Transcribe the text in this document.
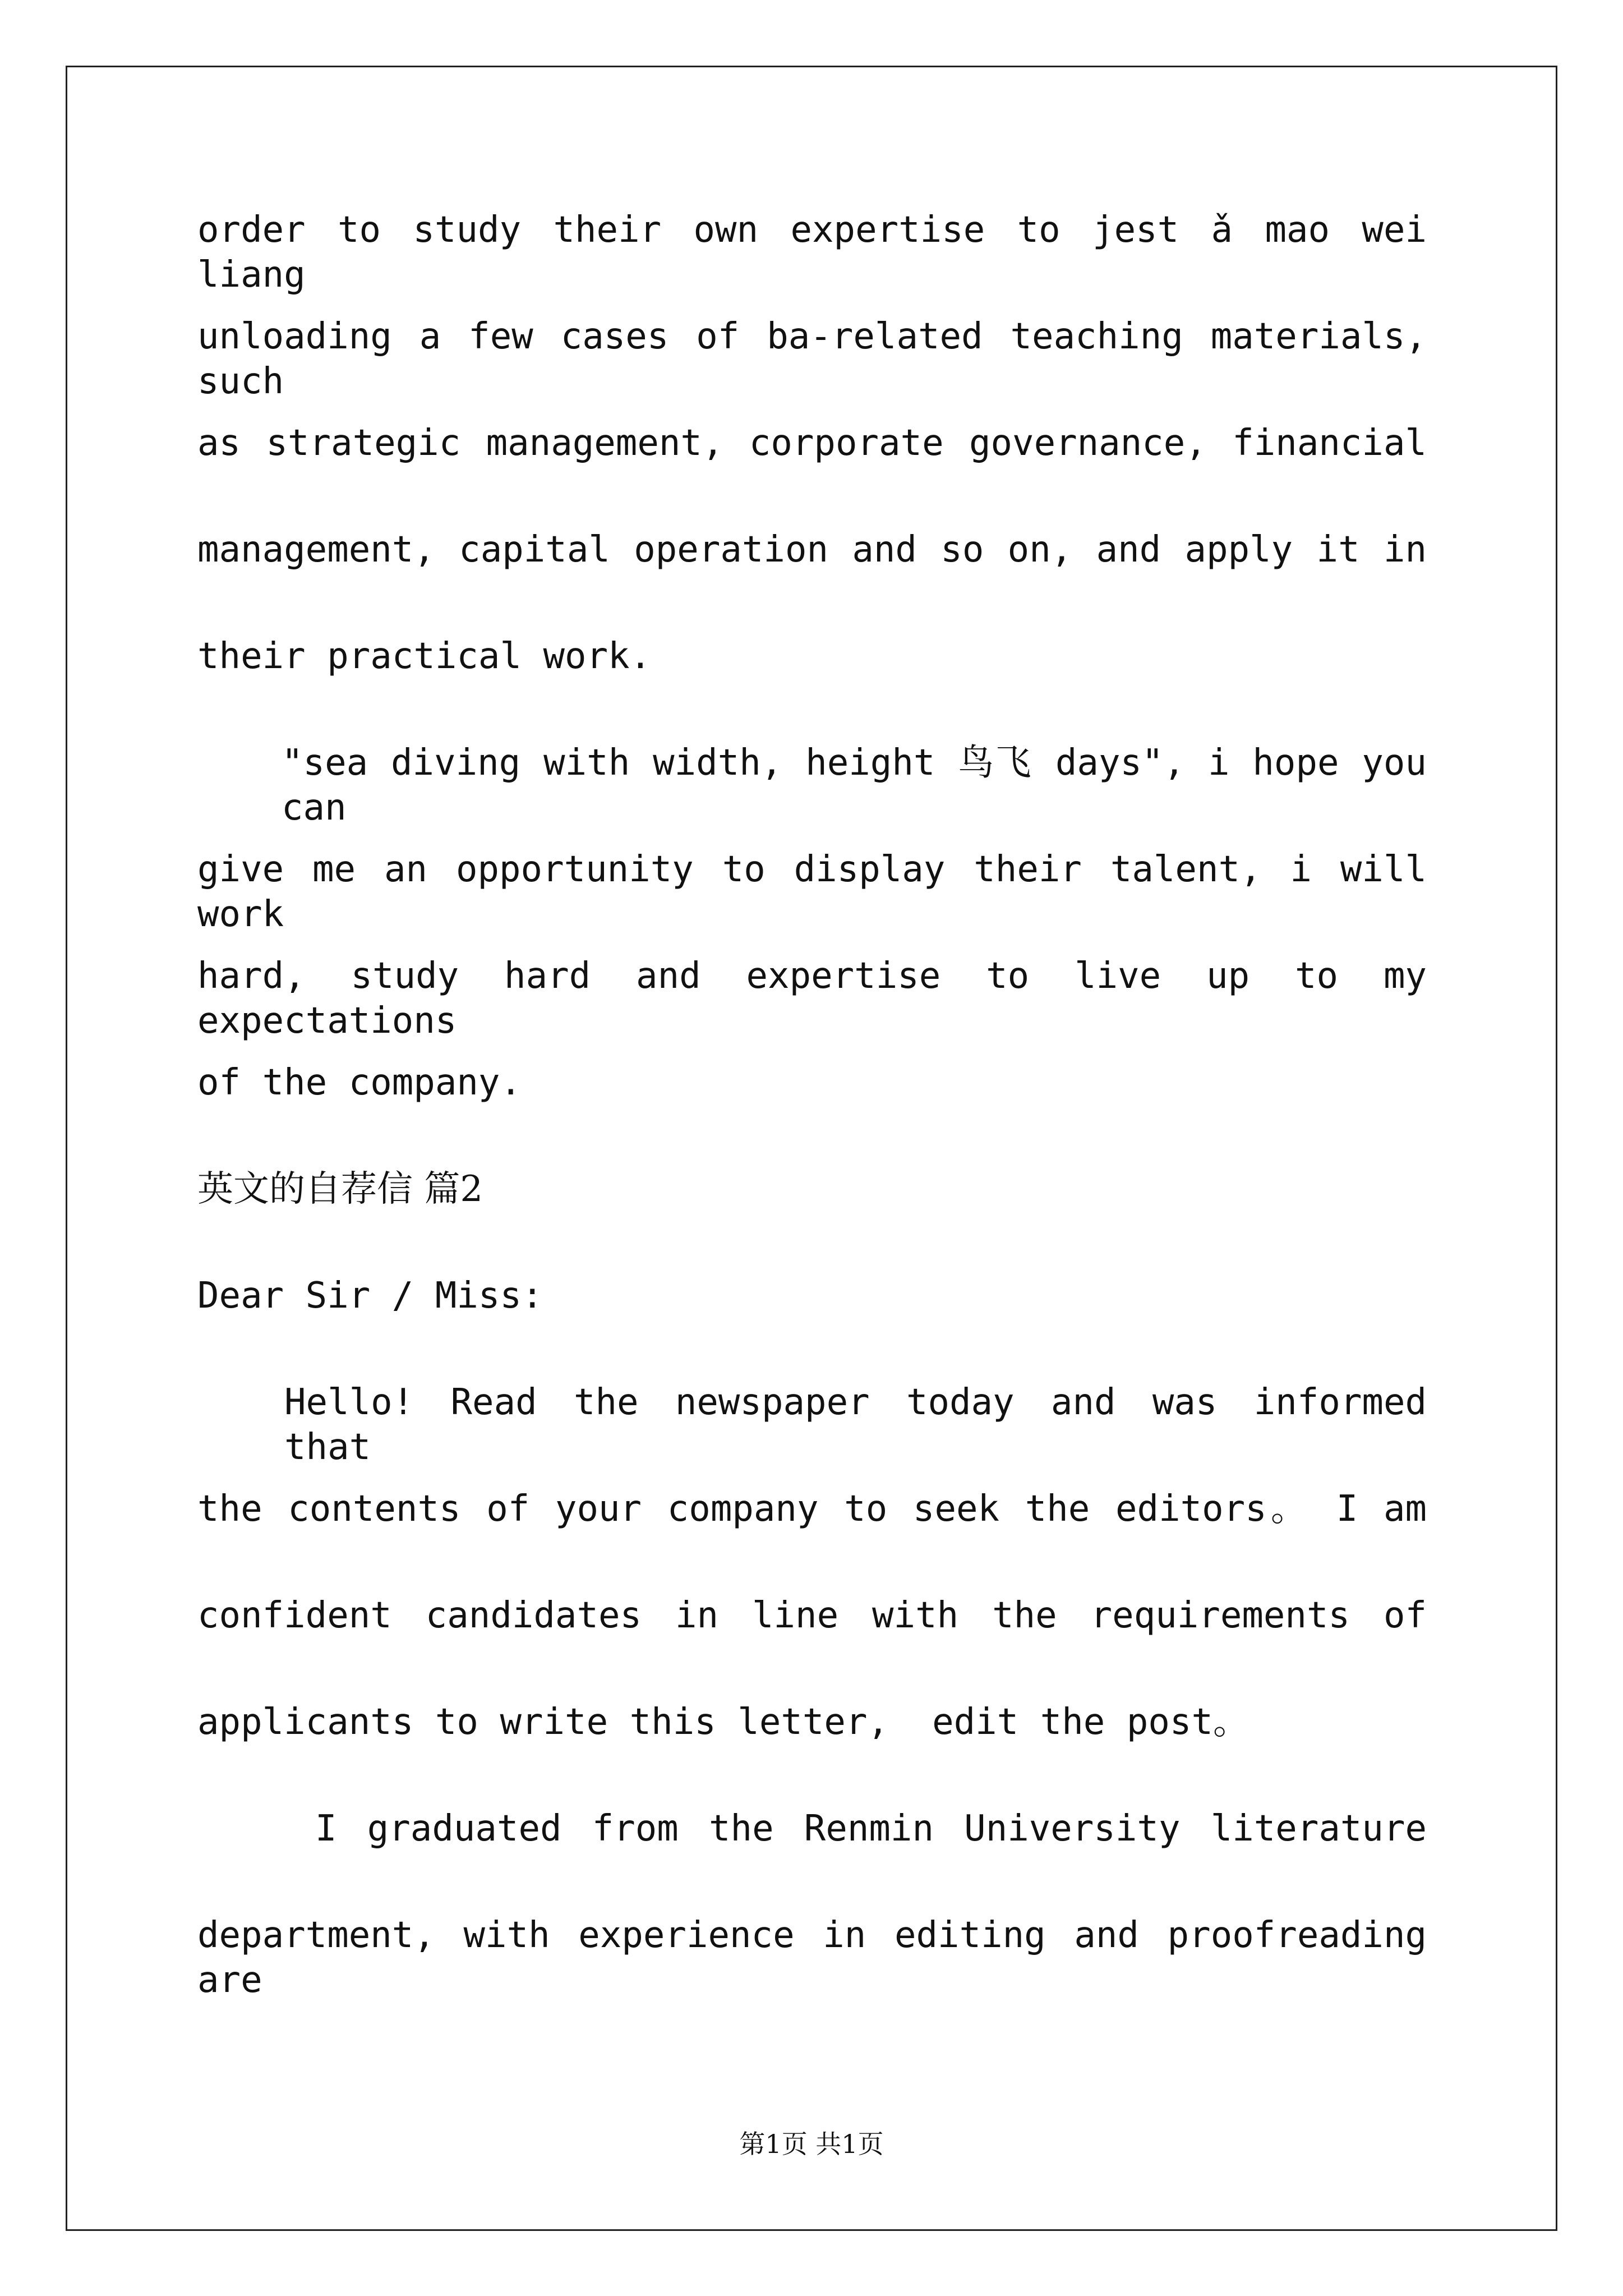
order to study their own expertise to jest ǎ mao wei liang
unloading a few cases of ba-related teaching materials, such
as strategic management, corporate governance, financial
management, capital operation and so on, and apply it in
their practical work.
"sea diving with width, height 鸟飞 days", i hope you can
give me an opportunity to display their talent, i will work
hard, study hard and expertise to live up to my expectations
of the company.
英文的自荐信 篇2
Dear Sir / Miss:
Hello! Read the newspaper today and was informed that
the contents of your company to seek the editors。 I am
confident candidates in line with the requirements of
applicants to write this letter,  edit the post。
I graduated from the Renmin University literature
department, with experience in editing and proofreading are
第1页 共1页
